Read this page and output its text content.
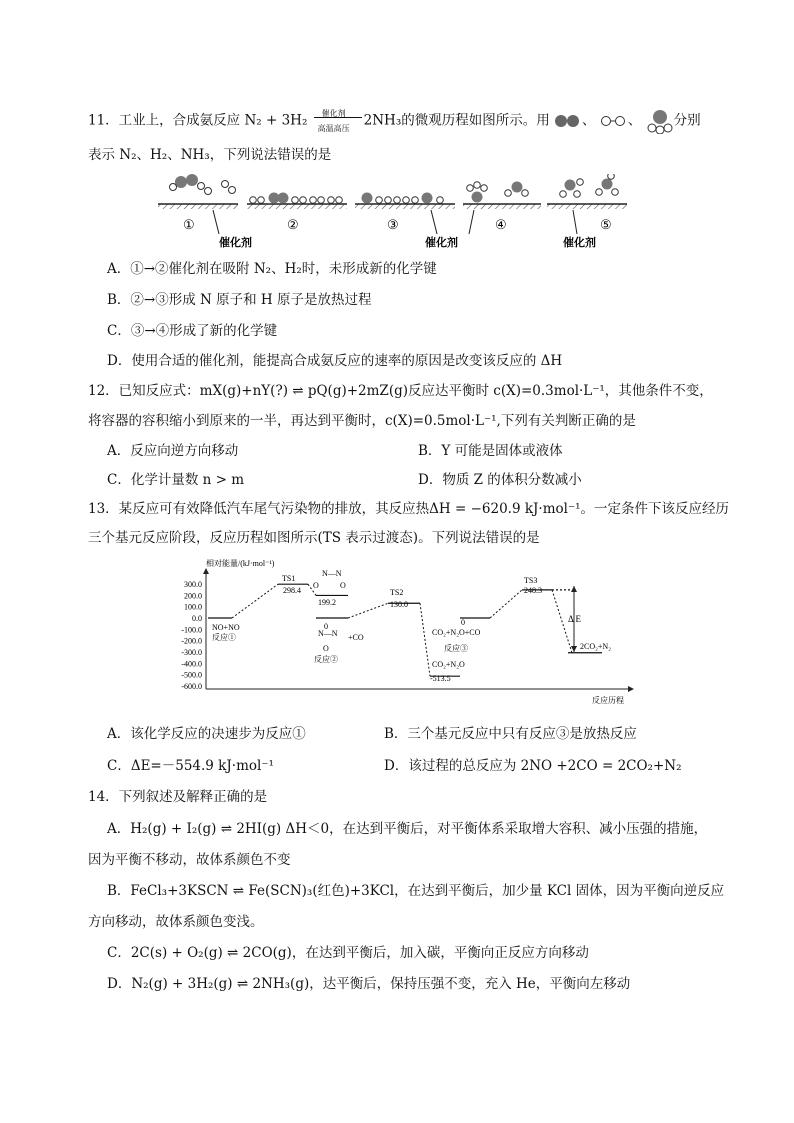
11．工业上，合成氨反应 N₂ + 3H₂ 催化剂
高温高压 2NH₃的微观历程如图所示。用 、 、 分别
表示 N₂、H₂、NH₃，下列说法错误的是
①	②	③	④	⑤
催化剂	催化剂	催化剂
A．①→②催化剂在吸附 N₂、H₂时，未形成新的化学键
B．②→③形成 N 原子和 H 原子是放热过程
C．③→④形成了新的化学键
D．使用合适的催化剂，能提高合成氨反应的速率的原因是改变该反应的 ΔH
12．已知反应式：mX(g)+nY(?) ⇌ pQ(g)+2mZ(g)反应达平衡时 c(X)=0.3mol·L⁻¹，其他条件不变，
将容器的容积缩小到原来的一半，再达到平衡时，c(X)=0.5mol·L⁻¹,下列有关判断正确的是
A．反应向逆方向移动	B．Y 可能是固体或液体
C．化学计量数 n > m	D．物质 Z 的体积分数减小
13．某反应可有效降低汽车尾气污染物的排放，其反应热ΔH = −620.9 kJ·mol⁻¹。一定条件下该反应经历
三个基元反应阶段，反应历程如图所示(TS 表示过渡态)。下列说法错误的是
相对能量/(kJ·mol⁻¹)
反应历程
300.0
200.0
100.0
0.0
-100.0
-200.0
-300.0
-400.0
-500.0
-600.0
NO+NO
反应①
TS1
298.4
N—N
O	O
199.2
0
N—N +CO
O
反应②
TS2
130.0
0
CO₂+N₂O+CO
反应③
CO₂+N₂O
-513.5
TS3
248.3
Δ E
2CO₂+N₂
A．该化学反应的决速步为反应①	B．三个基元反应中只有反应③是放热反应
C．ΔE=－554.9 kJ·mol⁻¹	D．该过程的总反应为 2NO +2CO = 2CO₂+N₂
14．下列叙述及解释正确的是
A．H₂(g) + I₂(g) ⇌ 2HI(g) ΔH＜0，在达到平衡后，对平衡体系采取增大容积、减小压强的措施，
因为平衡不移动，故体系颜色不变
B．FeCl₃+3KSCN ⇌ Fe(SCN)₃(红色)+3KCl，在达到平衡后，加少量 KCl 固体，因为平衡向逆反应
方向移动，故体系颜色变浅。
C．2C(s) + O₂(g) ⇌ 2CO(g)，在达到平衡后，加入碳，平衡向正反应方向移动
D．N₂(g) + 3H₂(g) ⇌ 2NH₃(g)，达平衡后，保持压强不变，充入 He，平衡向左移动
